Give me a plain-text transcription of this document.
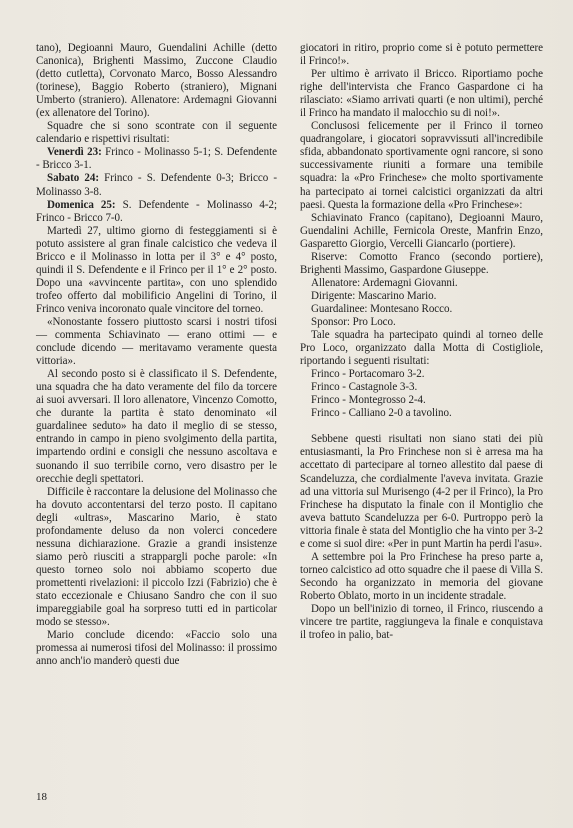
tano), Degioanni Mauro, Guendalini Achille (detto Canonica), Brighenti Massimo, Zuccone Claudio (detto cutletta), Corvonato Marco, Bosso Alessandro (torinese), Baggio Roberto (straniero), Mignani Umberto (straniero). Allenatore: Ardemagni Giovanni (ex allenatore del Torino).

Squadre che si sono scontrate con il seguente calendario e rispettivi risultati:

Venerdì 23: Frinco - Molinasso 5-1; S. Defendente - Bricco 3-1.

Sabato 24: Frinco - S. Defendente 0-3; Bricco - Molinasso 3-8.

Domenica 25: S. Defendente - Molinasso 4-2; Frinco - Bricco 7-0.

Martedì 27, ultimo giorno di festeggiamenti si è potuto assistere al gran finale calcistico che vedeva il Bricco e il Molinasso in lotta per il 3° e 4° posto, quindi il S. Defendente e il Frinco per il 1° e 2° posto. Dopo una «avvincente partita», con uno splendido trofeo offerto dal mobilificio Angelini di Torino, il Frinco veniva incoronato quale vincitore del torneo.

«Nonostante fossero piuttosto scarsi i nostri tifosi — commenta Schiavinato — erano ottimi — e conclude dicendo — meritavamo veramente questa vittoria».

Al secondo posto si è classificato il S. Defendente, una squadra che ha dato veramente del filo da torcere ai suoi avversari. Il loro allenatore, Vincenzo Comotto, che durante la partita è stato denominato «il guardalinee seduto» ha dato il meglio di se stesso, entrando in campo in pieno svolgimento della partita, impartendo ordini e consigli che nessuno ascoltava e suonando il suo terribile corno, vero disastro per le orecchie degli spettatori.

Difficile è raccontare la delusione del Molinasso che ha dovuto accontentarsi del terzo posto. Il capitano degli «ultras», Mascarino Mario, è stato profondamente deluso da non volerci concedere nessuna dichiarazione. Grazie a grandi insistenze siamo però riusciti a strappargli poche parole: «In questo torneo solo noi abbiamo scoperto due promettenti rivelazioni: il piccolo Izzi (Fabrizio) che è stato eccezionale e Chiusano Sandro che con il suo impareggiabile goal ha sorpreso tutti ed in particolar modo se stesso».

Mario conclude dicendo: «Faccio solo una promessa ai numerosi tifosi del Molinasso: il prossimo anno anch'io manderò questi due

giocatori in ritiro, proprio come si è potuto permettere il Frinco!».

Per ultimo è arrivato il Bricco. Riportiamo poche righe dell'intervista che Franco Gaspardone ci ha rilasciato: «Siamo arrivati quarti (e non ultimi), perché il Frinco ha mandato il malocchio su di noi!».

Conclusosi felicemente per il Frinco il torneo quadrangolare, i giocatori sopravvissuti all'incredibile sfida, abbandonato sportivamente ogni rancore, si sono successivamente riuniti a formare una temibile squadra: la «Pro Frinchese» che molto sportivamente ha partecipato ai tornei calcistici organizzati da altri paesi. Questa la formazione della «Pro Frinchese»:

Schiavinato Franco (capitano), Degioanni Mauro, Guendalini Achille, Fernicola Oreste, Manfrin Enzo, Gasparetto Giorgio, Vercelli Giancarlo (portiere).

Riserve: Comotto Franco (secondo portiere), Brighenti Massimo, Gaspardone Giuseppe.

Allenatore: Ardemagni Giovanni.
Dirigente: Mascarino Mario.
Guardalinee: Montesano Rocco.
Sponsor: Pro Loco.

Tale squadra ha partecipato quindi al torneo delle Pro Loco, organizzato dalla Motta di Costigliole, riportando i seguenti risultati:

Frinco - Portacomaro 3-2.
Frinco - Castagnole 3-3.
Frinco - Montegrosso 2-4.
Frinco - Calliano 2-0 a tavolino.

Sebbene questi risultati non siano stati dei più entusiasmanti, la Pro Frinchese non si è arresa ma ha accettato di partecipare al torneo allestito dal paese di Scandeluzza, che cordialmente l'aveva invitata. Grazie ad una vittoria sul Murisengo (4-2 per il Frinco), la Pro Frinchese ha disputato la finale con il Montiglio che aveva battuto Scandeluzza per 6-0. Purtroppo però la vittoria finale è stata del Montiglio che ha vinto per 3-2 e come si suol dire: «Per in punt Martin ha perdi l'asu».

A settembre poi la Pro Frinchese ha preso parte a, torneo calcistico ad otto squadre che il paese di Villa S. Secondo ha organizzato in memoria del giovane Roberto Oblato, morto in un incidente stradale.

Dopo un bell'inizio di torneo, il Frinco, riuscendo a vincere tre partite, raggiungeva la finale e conquistava il trofeo in palio, bat-

18
